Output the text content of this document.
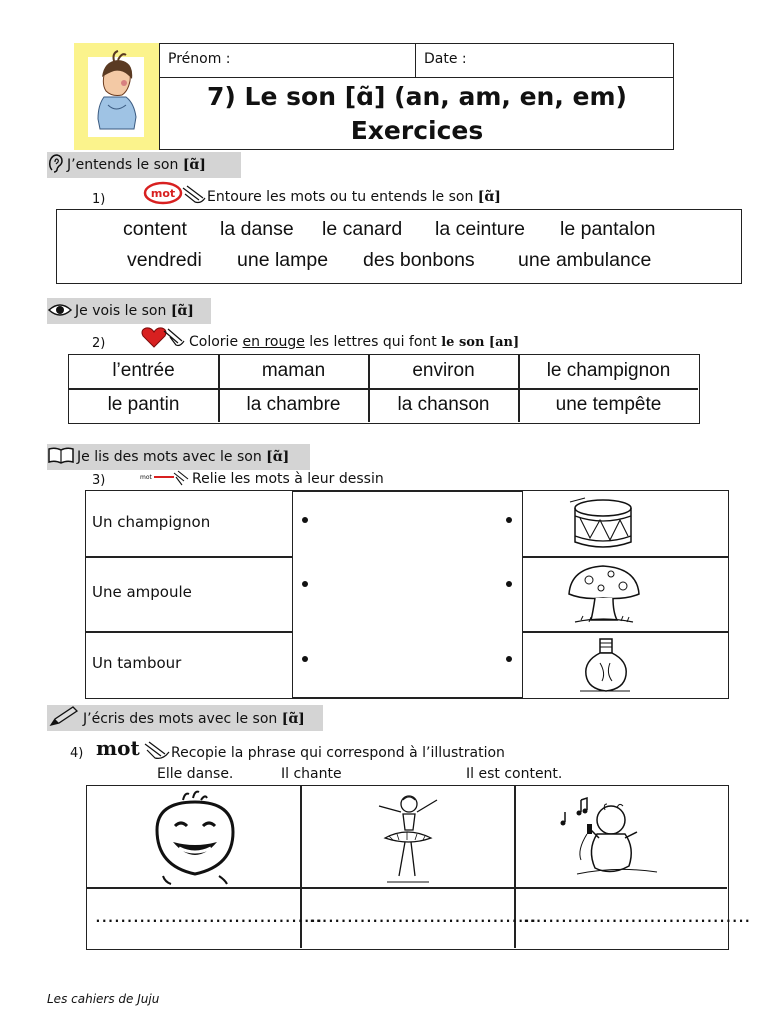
Prénom :	Date :
7) Le son [ɑ̃] (an, am, en, em)
Exercices
J’entends le son [ɑ̃]
1)	mot Entoure les mots ou tu entends le son [ɑ̃]
content la danse le canard la ceinture le pantalon
vendredi une lampe des bonbons une ambulance
Je vois le son [ɑ̃]
2)	Colorie en rouge les lettres qui font le son [an]
l’entrée	maman	environ	le champignon
le pantin	la chambre	la chanson	une tempête
Je lis des mots avec le son [ɑ̃]
3)	mot	Relie les mots à leur dessin
Un champignon
Une ampoule
Un tambour
J’écris des mots avec le son [ɑ̃]
4) mot Recopie la phrase qui correspond à l’illustration
Elle danse.	Il chante	Il est content.
....................................
....................................
....................................
Les cahiers de Juju
